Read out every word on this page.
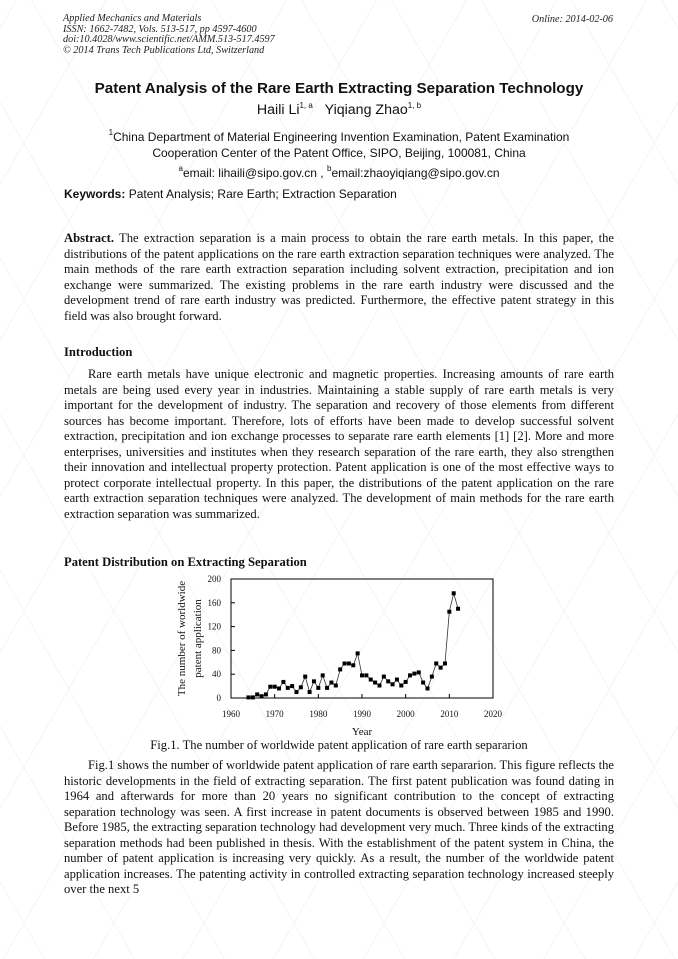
Applied Mechanics and Materials
ISSN: 1662-7482, Vols. 513-517, pp 4597-4600
doi:10.4028/www.scientific.net/AMM.513-517.4597
© 2014 Trans Tech Publications Ltd, Switzerland
Online: 2014-02-06
Patent Analysis of the Rare Earth Extracting Separation Technology
Haili Li$^{1, a}$ Yiqiang Zhao$^{1, b}$
$^1$China Department of Material Engineering Invention Examination, Patent Examination
Cooperation Center of the Patent Office, SIPO, Beijing, 100081, China
$^a$email: lihaili@sipo.gov.cn , $^b$email:zhaoyiqiang@sipo.gov.cn
Keywords: Patent Analysis; Rare Earth; Extraction Separation
Abstract. The extraction separation is a main process to obtain the rare earth metals. In this paper, the distributions of the patent applications on the rare earth extraction separation techniques were analyzed. The main methods of the rare earth extraction separation including solvent extraction, precipitation and ion exchange were summarized. The existing problems in the rare earth industry were discussed and the development trend of rare earth industry was predicted. Furthermore, the effective patent strategy in this field was also brought forward.
Introduction
Rare earth metals have unique electronic and magnetic properties. Increasing amounts of rare earth metals are being used every year in industries. Maintaining a stable supply of rare earth metals is very important for the development of industry. The separation and recovery of those elements from different sources has become important. Therefore, lots of efforts have been made to develop successful solvent extraction, precipitation and ion exchange processes to separate rare earth elements [1] [2]. More and more enterprises, universities and institutes when they research separation of the rare earth, they also strengthen their innovation and intellectual property protection. Patent application is one of the most effective ways to protect corporate intellectual property. In this paper, the distributions of the patent application on the rare earth extraction separation techniques were analyzed. The development of main methods for the rare earth extraction separation was summarized.
Patent Distribution on Extracting Separation
0
40
80
120
160
200
1960	1970	1980	1990	2000	2010	2020
Year
The number of worldwide patent application
Fig.1. The number of worldwide patent application of rare earth separarion
Fig.1 shows the number of worldwide patent application of rare earth separarion. This figure reflects the historic developments in the field of extracting separation. The first patent publication was found dating in 1964 and afterwards for more than 20 years no significant contribution to the concept of extracting separation technology was seen. A first increase in patent documents is observed between 1985 and 1990. Before 1985, the extracting separation technology had development very much. Three kinds of the extracting separation methods had been published in thesis. With the establishment of the patent system in China, the number of patent application is increasing very quickly. As a result, the number of the worldwide patent application increases. The patenting activity in controlled extracting separation technology increased steeply over the next 5
